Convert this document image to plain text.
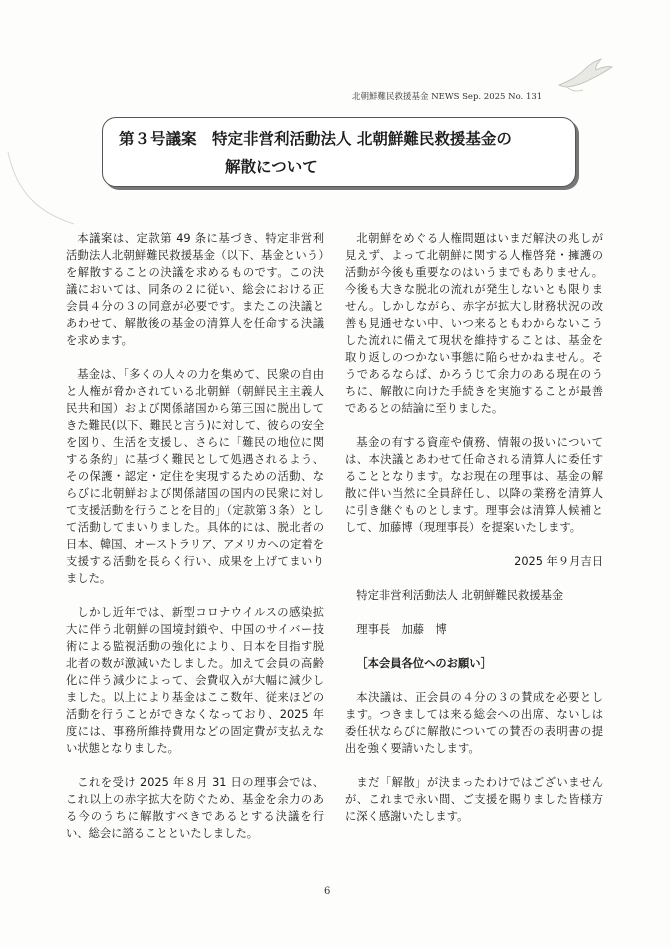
北朝鮮難民救援基金 NEWS Sep. 2025 No. 131
第３号議案　特定非営利活動法人 北朝鮮難民救援基金の
解散について

本議案は、定款第 49 条に基づき、特定非営利活動法人北朝鮮難民救援基金（以下、基金という）を解散することの決議を求めるものです。この決議においては、同条の２に従い、総会における正会員４分の３の同意が必要です。またこの決議とあわせて、解散後の基金の清算人を任命する決議を求めます。

基金は、「多くの人々の力を集めて、民衆の自由と人権が脅かされている北朝鮮（朝鮮民主主義人民共和国）および関係諸国から第三国に脱出してきた難民(以下、難民と言う)に対して、彼らの安全を図り、生活を支援し、さらに「難民の地位に関する条約」に基づく難民として処遇されるよう、その保護・認定・定住を実現するための活動、ならびに北朝鮮および関係諸国の国内の民衆に対して支援活動を行うことを目的」（定款第３条）として活動してまいりました。具体的には、脱北者の日本、韓国、オーストラリア、アメリカへの定着を支援する活動を長らく行い、成果を上げてまいりました。

しかし近年では、新型コロナウイルスの感染拡大に伴う北朝鮮の国境封鎖や、中国のサイバー技術による監視活動の強化により、日本を目指す脱北者の数が激減いたしました。加えて会員の高齢化に伴う減少によって、会費収入が大幅に減少しました。以上により基金はここ数年、従来ほどの活動を行うことができなくなっており、2025 年度には、事務所維持費用などの固定費が支払えない状態となりました。

これを受け 2025 年８月 31 日の理事会では、これ以上の赤字拡大を防ぐため、基金を余力のある今のうちに解散すべきであるとする決議を行い、総会に諮ることといたしました。

北朝鮮をめぐる人権問題はいまだ解決の兆しが見えず、よって北朝鮮に関する人権啓発・擁護の活動が今後も重要なのはいうまでもありません。今後も大きな脱北の流れが発生しないとも限りません。しかしながら、赤字が拡大し財務状況の改善も見通せない中、いつ来るともわからないこうした流れに備えて現状を維持することは、基金を取り返しのつかない事態に陥らせかねません。そうであるならば、かろうじて余力のある現在のうちに、解散に向けた手続きを実施することが最善であるとの結論に至りました。

基金の有する資産や債務、情報の扱いについては、本決議とあわせて任命される清算人に委任することとなります。なお現在の理事は、基金の解散に伴い当然に全員辞任し、以降の業務を清算人に引き継ぐものとします。理事会は清算人候補として、加藤博（現理事長）を提案いたします。

2025 年９月吉日

特定非営利活動法人 北朝鮮難民救援基金

理事長　加藤　博

［本会員各位へのお願い］

本決議は、正会員の４分の３の賛成を必要とします。つきましては来る総会への出席、ないしは委任状ならびに解散についての賛否の表明書の提出を強く要請いたします。

まだ「解散」が決まったわけではございませんが、これまで永い間、ご支援を賜りました皆様方に深く感謝いたします。

6
